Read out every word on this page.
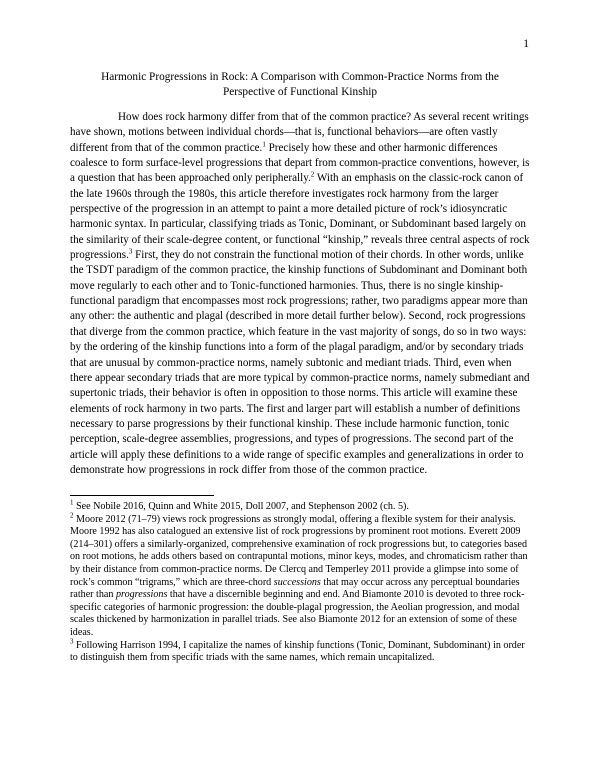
1
Harmonic Progressions in Rock: A Comparison with Common-Practice Norms from the
Perspective of Functional Kinship

How does rock harmony differ from that of the common practice? As several recent writings have shown, motions between individual chords—that is, functional behaviors—are often vastly different from that of the common practice.$^1$ Precisely how these and other harmonic differences coalesce to form surface-level progressions that depart from common-practice conventions, however, is a question that has been approached only peripherally.$^2$ With an emphasis on the classic-rock canon of the late 1960s through the 1980s, this article therefore investigates rock harmony from the larger perspective of the progression in an attempt to paint a more detailed picture of rock’s idiosyncratic harmonic syntax. In particular, classifying triads as Tonic, Dominant, or Subdominant based largely on the similarity of their scale-degree content, or functional “kinship,” reveals three central aspects of rock progressions.$^3$ First, they do not constrain the functional motion of their chords. In other words, unlike the TSDT paradigm of the common practice, the kinship functions of Subdominant and Dominant both move regularly to each other and to Tonic-functioned harmonies. Thus, there is no single kinship-functional paradigm that encompasses most rock progressions; rather, two paradigms appear more than any other: the authentic and plagal (described in more detail further below). Second, rock progressions that diverge from the common practice, which feature in the vast majority of songs, do so in two ways: by the ordering of the kinship functions into a form of the plagal paradigm, and/or by secondary triads that are unusual by common-practice norms, namely subtonic and mediant triads. Third, even when there appear secondary triads that are more typical by common-practice norms, namely submediant and supertonic triads, their behavior is often in opposition to those norms. This article will examine these elements of rock harmony in two parts. The first and larger part will establish a number of definitions necessary to parse progressions by their functional kinship. These include harmonic function, tonic perception, scale-degree assemblies, progressions, and types of progressions. The second part of the article will apply these definitions to a wide range of specific examples and generalizations in order to demonstrate how progressions in rock differ from those of the common practice.

$^1$ See Nobile 2016, Quinn and White 2015, Doll 2007, and Stephenson 2002 (ch. 5).

$^2$ Moore 2012 (71–79) views rock progressions as strongly modal, offering a flexible system for their analysis. Moore 1992 has also catalogued an extensive list of rock progressions by prominent root motions. Everett 2009 (214–301) offers a similarly-organized, comprehensive examination of rock progressions but, to categories based on root motions, he adds others based on contrapuntal motions, minor keys, modes, and chromaticism rather than by their distance from common-practice norms. De Clercq and Temperley 2011 provide a glimpse into some of rock’s common “trigrams,” which are three-chord successions that may occur across any perceptual boundaries rather than progressions that have a discernible beginning and end. And Biamonte 2010 is devoted to three rock-specific categories of harmonic progression: the double-plagal progression, the Aeolian progression, and modal scales thickened by harmonization in parallel triads. See also Biamonte 2012 for an extension of some of these ideas.

$^3$ Following Harrison 1994, I capitalize the names of kinship functions (Tonic, Dominant, Subdominant) in order to distinguish them from specific triads with the same names, which remain uncapitalized.
